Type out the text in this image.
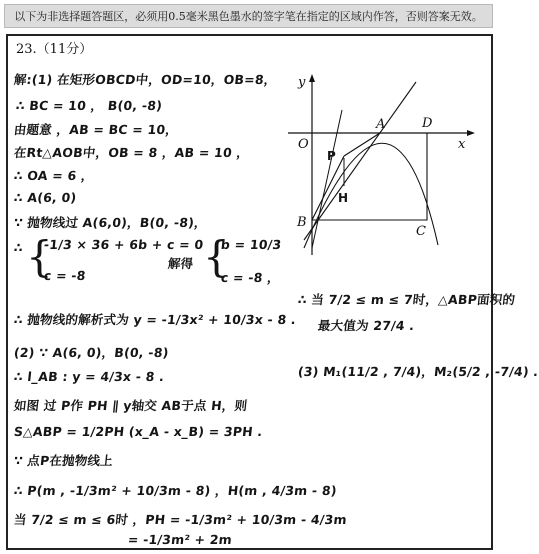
以下为非选择题答题区，必须用0.5毫米黑色墨水的签字笔在指定的区域内作答，否则答案无效。
23.（11分）
解:(1) 在矩形OBCD中，OD=10，OB=8，
∴ BC = 10 ， B(0, -8)
由题意 ，AB = BC = 10，
在Rt△AOB中，OB = 8 ，AB = 10 ，
∴ OA = 6 ，
∴ A(6, 0)
∵ 抛物线过 A(6,0)，B(0, -8)，
∴ {
-1/3 × 36 + 6b + c = 0
c = -8
解得 {
b = 10/3
c = -8 ，
∴ 抛物线的解析式为 y = -1/3x² + 10/3x - 8 .
(2) ∵ A(6, 0)，B(0, -8)
∴ l_AB : y = 4/3x - 8 .
如图 过 P作 PH ∥ y轴交 AB于点 H，则
S△ABP = 1/2PH (x_A - x_B) = 3PH .
∵ 点P在抛物线上
∴ P(m , -1/3m² + 10/3m - 8) ，H(m , 4/3m - 8)
当 7/2 ≤ m ≤ 6时 ，PH = -1/3m² + 10/3m - 4/3m
= -1/3m² + 2m
∴ 当 7/2 ≤ m ≤ 7时，△ABP面积的
最大值为 27/4 .
(3) M₁(11/2 , 7/4)，M₂(5/2 , -7/4) .
y
x
O
A	D
B
C
P
H
